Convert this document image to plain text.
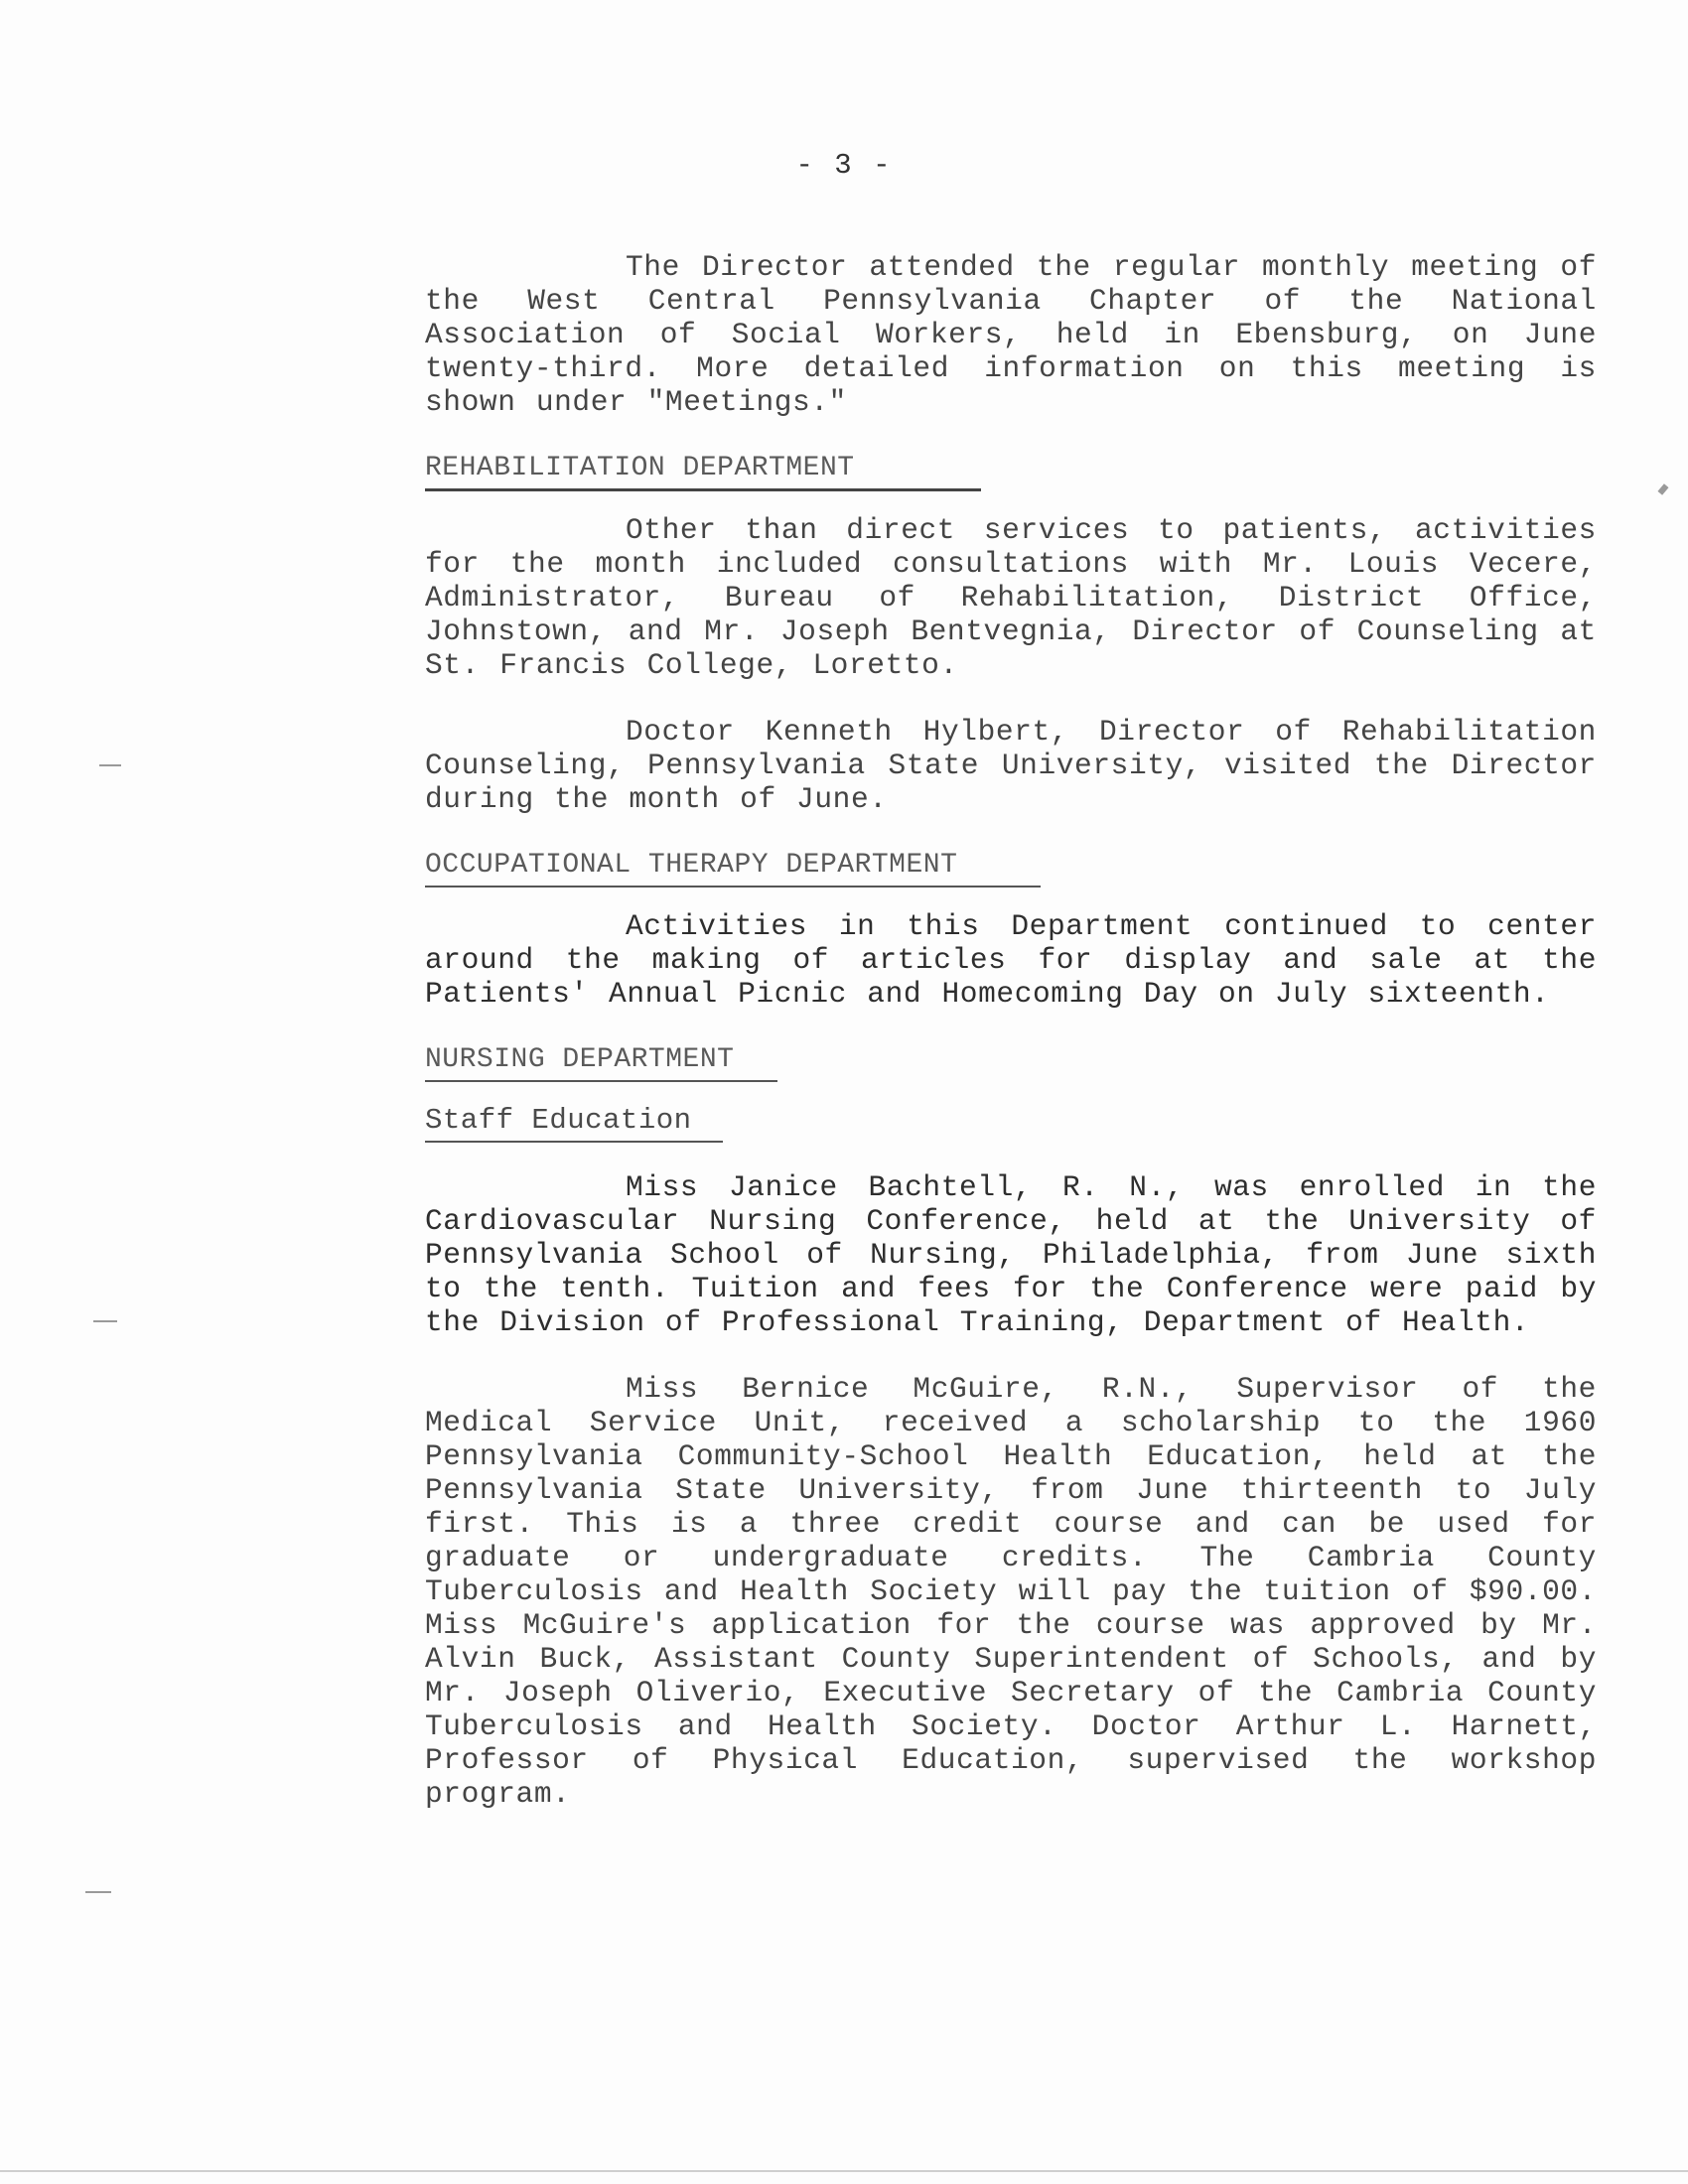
- 3 -

The Director attended the regular monthly meeting of the West Central Pennsylvania Chapter of the National Association of Social Workers, held in Ebensburg, on June twenty-third. More detailed information on this meeting is shown under "Meetings."

REHABILITATION DEPARTMENT

Other than direct services to patients, activities for the month included consultations with Mr. Louis Vecere, Administrator, Bureau of Rehabilitation, District Office, Johnstown, and Mr. Joseph Bentvegnia, Director of Counseling at St. Francis College, Loretto.

Doctor Kenneth Hylbert, Director of Rehabilitation Counseling, Pennsylvania State University, visited the Director during the month of June.

OCCUPATIONAL THERAPY DEPARTMENT

Activities in this Department continued to center around the making of articles for display and sale at the Patients' Annual Picnic and Homecoming Day on July sixteenth.

NURSING DEPARTMENT
Staff Education

Miss Janice Bachtell, R. N., was enrolled in the Cardiovascular Nursing Conference, held at the University of Pennsylvania School of Nursing, Philadelphia, from June sixth to the tenth. Tuition and fees for the Conference were paid by the Division of Professional Training, Department of Health.

Miss Bernice McGuire, R.N., Supervisor of the Medical Service Unit, received a scholarship to the 1960 Pennsylvania Community-School Health Education, held at the Pennsylvania State University, from June thirteenth to July first. This is a three credit course and can be used for graduate or undergraduate credits. The Cambria County Tuberculosis and Health Society will pay the tuition of $90.00. Miss McGuire's application for the course was approved by Mr. Alvin Buck, Assistant County Superintendent of Schools, and by Mr. Joseph Oliverio, Executive Secretary of the Cambria County Tuberculosis and Health Society. Doctor Arthur L. Harnett, Professor of Physical Education, supervised the workshop program.
